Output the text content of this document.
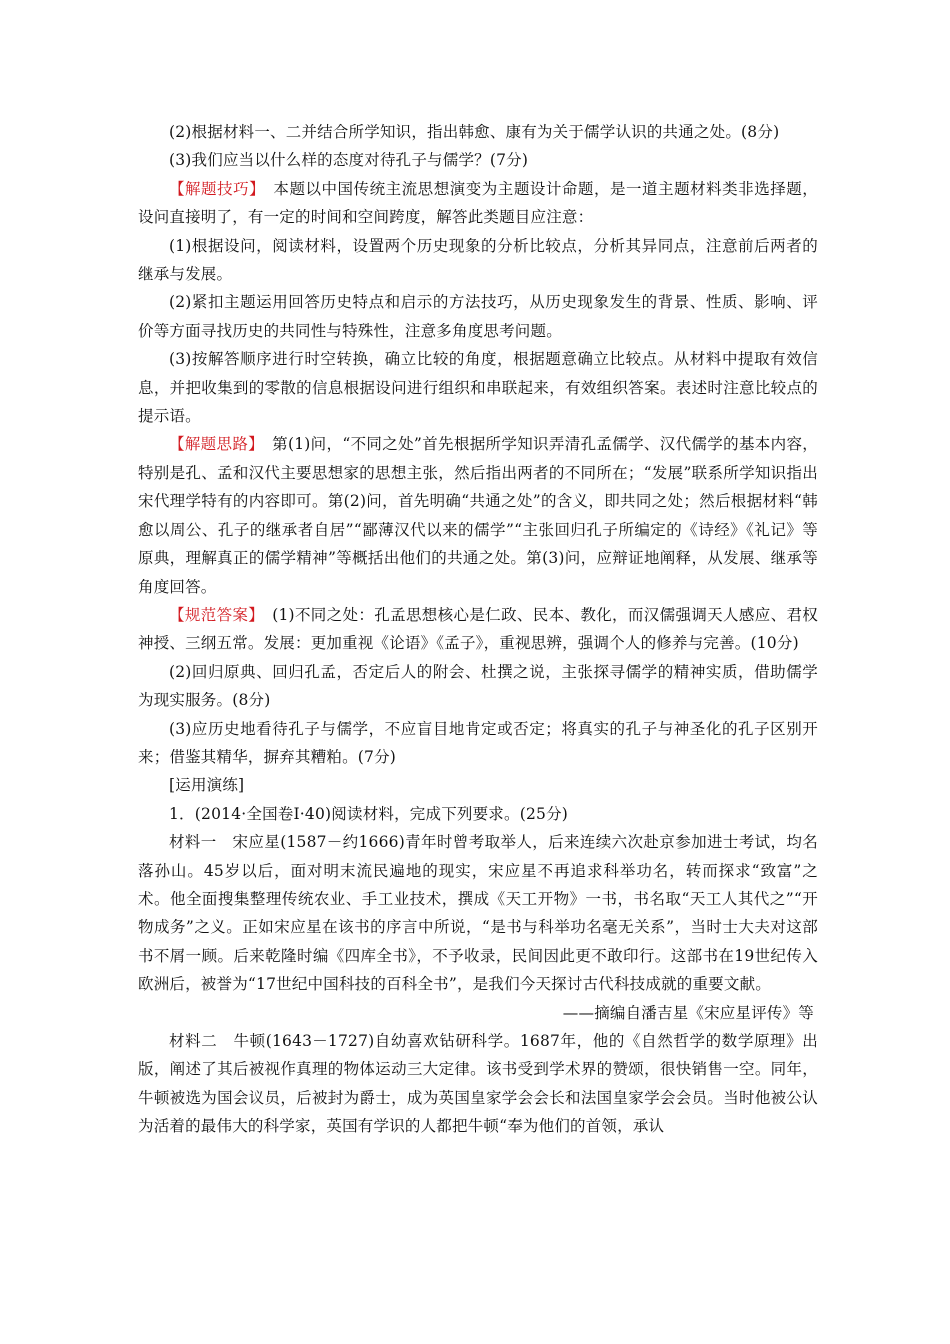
(2)根据材料一、二并结合所学知识，指出韩愈、康有为关于儒学认识的共通之处。(8分)

(3)我们应当以什么样的态度对待孔子与儒学？(7分)

【解题技巧】　本题以中国传统主流思想演变为主题设计命题，是一道主题材料类非选择题，设问直接明了，有一定的时间和空间跨度，解答此类题目应注意：

(1)根据设问，阅读材料，设置两个历史现象的分析比较点，分析其异同点，注意前后两者的继承与发展。

(2)紧扣主题运用回答历史特点和启示的方法技巧，从历史现象发生的背景、性质、影响、评价等方面寻找历史的共同性与特殊性，注意多角度思考问题。

(3)按解答顺序进行时空转换，确立比较的角度，根据题意确立比较点。从材料中提取有效信息，并把收集到的零散的信息根据设问进行组织和串联起来，有效组织答案。表述时注意比较点的提示语。

【解题思路】　第(1)问，“不同之处”首先根据所学知识弄清孔孟儒学、汉代儒学的基本内容，特别是孔、孟和汉代主要思想家的思想主张，然后指出两者的不同所在；“发展”联系所学知识指出宋代理学特有的内容即可。第(2)问，首先明确“共通之处”的含义，即共同之处；然后根据材料“韩愈以周公、孔子的继承者自居”“鄙薄汉代以来的儒学”“主张回归孔子所编定的《诗经》《礼记》等原典，理解真正的儒学精神”等概括出他们的共通之处。第(3)问，应辩证地阐释，从发展、继承等角度回答。

【规范答案】　(1)不同之处：孔孟思想核心是仁政、民本、教化，而汉儒强调天人感应、君权神授、三纲五常。发展：更加重视《论语》《孟子》，重视思辨，强调个人的修养与完善。(10分)

(2)回归原典、回归孔孟，否定后人的附会、杜撰之说，主张探寻儒学的精神实质，借助儒学为现实服务。(8分)

(3)应历史地看待孔子与儒学，不应盲目地肯定或否定；将真实的孔子与神圣化的孔子区别开来；借鉴其精华，摒弃其糟粕。(7分)

[运用演练]

1．(2014·全国卷Ⅰ·40)阅读材料，完成下列要求。(25分)

材料一　宋应星(1587－约1666)青年时曾考取举人，后来连续六次赴京参加进士考试，均名落孙山。45岁以后，面对明末流民遍地的现实，宋应星不再追求科举功名，转而探求“致富”之术。他全面搜集整理传统农业、手工业技术，撰成《天工开物》一书，书名取“天工人其代之”“开物成务”之义。正如宋应星在该书的序言中所说，“是书与科举功名毫无关系”，当时士大夫对这部书不屑一顾。后来乾隆时编《四库全书》，不予收录，民间因此更不敢印行。这部书在19世纪传入欧洲后，被誉为“17世纪中国科技的百科全书”，是我们今天探讨古代科技成就的重要文献。

——摘编自潘吉星《宋应星评传》等

材料二　牛顿(1643－1727)自幼喜欢钻研科学。1687年，他的《自然哲学的数学原理》出版，阐述了其后被视作真理的物体运动三大定律。该书受到学术界的赞颂，很快销售一空。同年，牛顿被选为国会议员，后被封为爵士，成为英国皇家学会会长和法国皇家学会会员。当时他被公认为活着的最伟大的科学家，英国有学识的人都把牛顿“奉为他们的首领，承认
